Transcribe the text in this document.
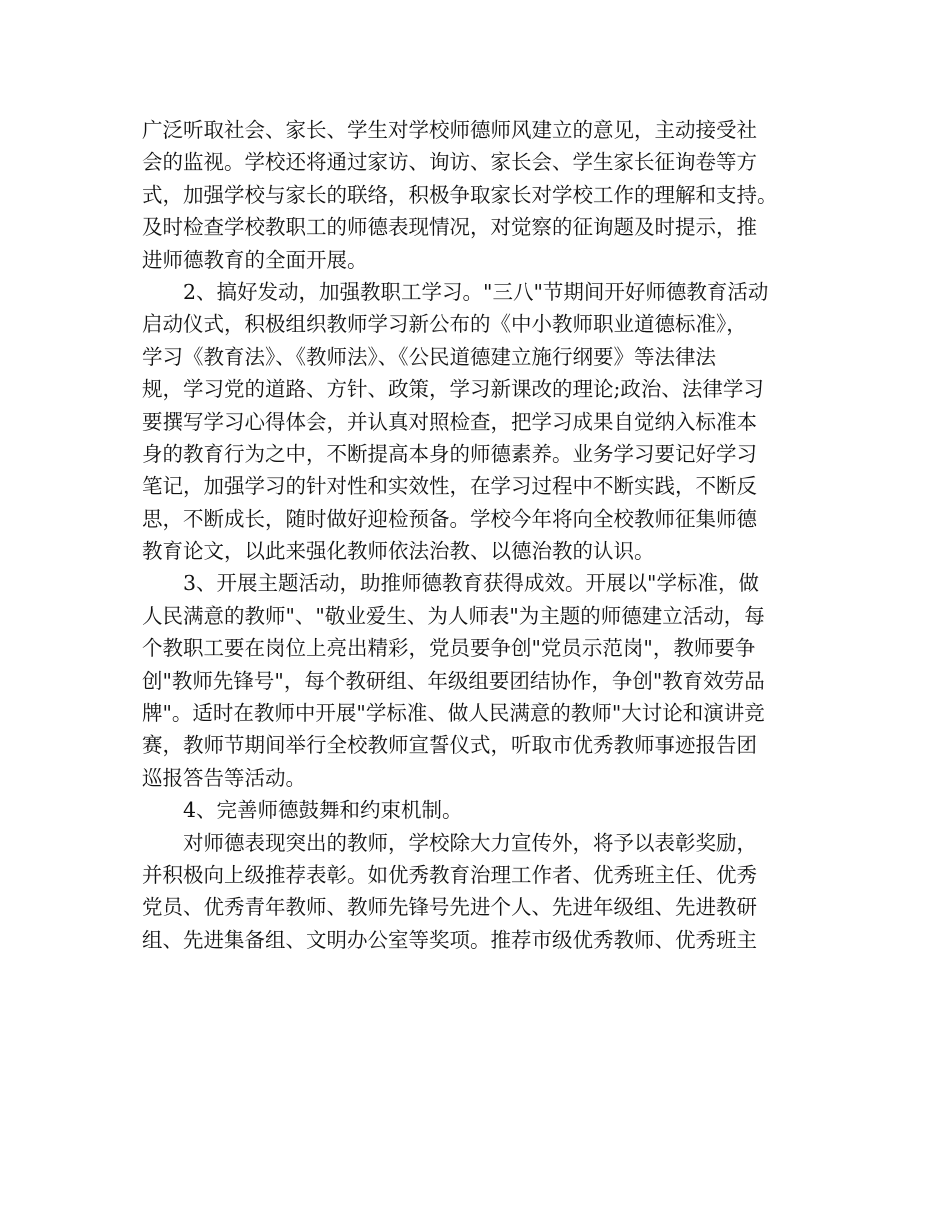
广泛听取社会、家长、学生对学校师德师风建立的意见，主动接受社
会的监视。学校还将通过家访、询访、家长会、学生家长征询卷等方
式，加强学校与家长的联络，积极争取家长对学校工作的理解和支持。
及时检查学校教职工的师德表现情况，对觉察的征询题及时提示，推
进师德教育的全面开展。

　　2、搞好发动，加强教职工学习。"三八"节期间开好师德教育活动
启动仪式，积极组织教师学习新公布的《中小教师职业道德标准》，
学习《教育法》、《教师法》、《公民道德建立施行纲要》等法律法
规，学习党的道路、方针、政策，学习新课改的理论;政治、法律学习
要撰写学习心得体会，并认真对照检查，把学习成果自觉纳入标准本
身的教育行为之中，不断提高本身的师德素养。业务学习要记好学习
笔记，加强学习的针对性和实效性，在学习过程中不断实践，不断反
思，不断成长，随时做好迎检预备。学校今年将向全校教师征集师德
教育论文，以此来强化教师依法治教、以德治教的认识。

　　3、开展主题活动，助推师德教育获得成效。开展以"学标准，做
人民满意的教师"、"敬业爱生、为人师表"为主题的师德建立活动，每
个教职工要在岗位上亮出精彩，党员要争创"党员示范岗"，教师要争
创"教师先锋号"，每个教研组、年级组要团结协作，争创"教育效劳品
牌"。适时在教师中开展"学标准、做人民满意的教师"大讨论和演讲竞
赛，教师节期间举行全校教师宣誓仪式，听取市优秀教师事迹报告团
巡报答告等活动。

　　4、完善师德鼓舞和约束机制。

　　对师德表现突出的教师，学校除大力宣传外，将予以表彰奖励，
并积极向上级推荐表彰。如优秀教育治理工作者、优秀班主任、优秀
党员、优秀青年教师、教师先锋号先进个人、先进年级组、先进教研
组、先进集备组、文明办公室等奖项。推荐市级优秀教师、优秀班主
